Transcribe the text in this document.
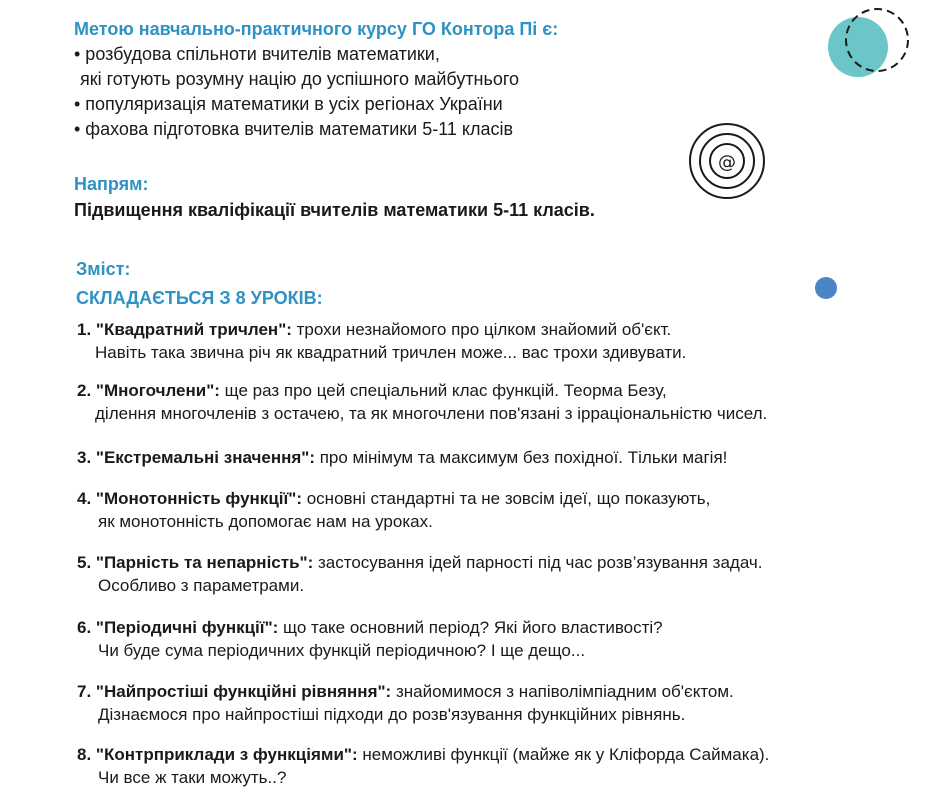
Метою навчально-практичного курсу ГО Контора Пі є:
• розбудова спільноти вчителів математики,
які готують розумну націю до успішного майбутнього
• популяризація математики в усіх регіонах України
• фахова підготовка вчителів математики 5-11 класів
Напрям:
Підвищення кваліфікації вчителів математики 5-11 класів.
Зміст:
СКЛАДАЄТЬСЯ З 8 УРОКІВ:
1. "Квадратний тричлен": трохи незнайомого про цілком знайомий об'єкт.
Навіть така звична річ як квадратний тричлен може... вас трохи здивувати.
2. "Многочлени": ще раз про цей спеціальний клас функцій. Теорма Безу,
ділення многочленів з остачею, та як многочлени пов'язані з ірраціональністю чисел.
3. "Екстремальні значення": про мінімум та максимум без похідної. Тільки магія!
4. "Монотонність функції": основні стандартні та не зовсім ідеї, що показують,
як монотонність допомогає нам на уроках.
5. "Парність та непарність": застосування ідей парності під час розв’язування задач.
Особливо з параметрами.
6. "Періодичні функції": що таке основний період? Які його властивості?
Чи буде сума періодичних функцій періодичною? І ще дещо...
7. "Найпростіші функційні рівняння": знайомимося з напіволімпіадним об'єктом.
Дізнаємося про найпростіші підходи до розв'язування функційних рівнянь.
8. "Контрприклади з функціями": неможливі функції (майже як у Кліфорда Саймака).
Чи все ж таки можуть..?
@
